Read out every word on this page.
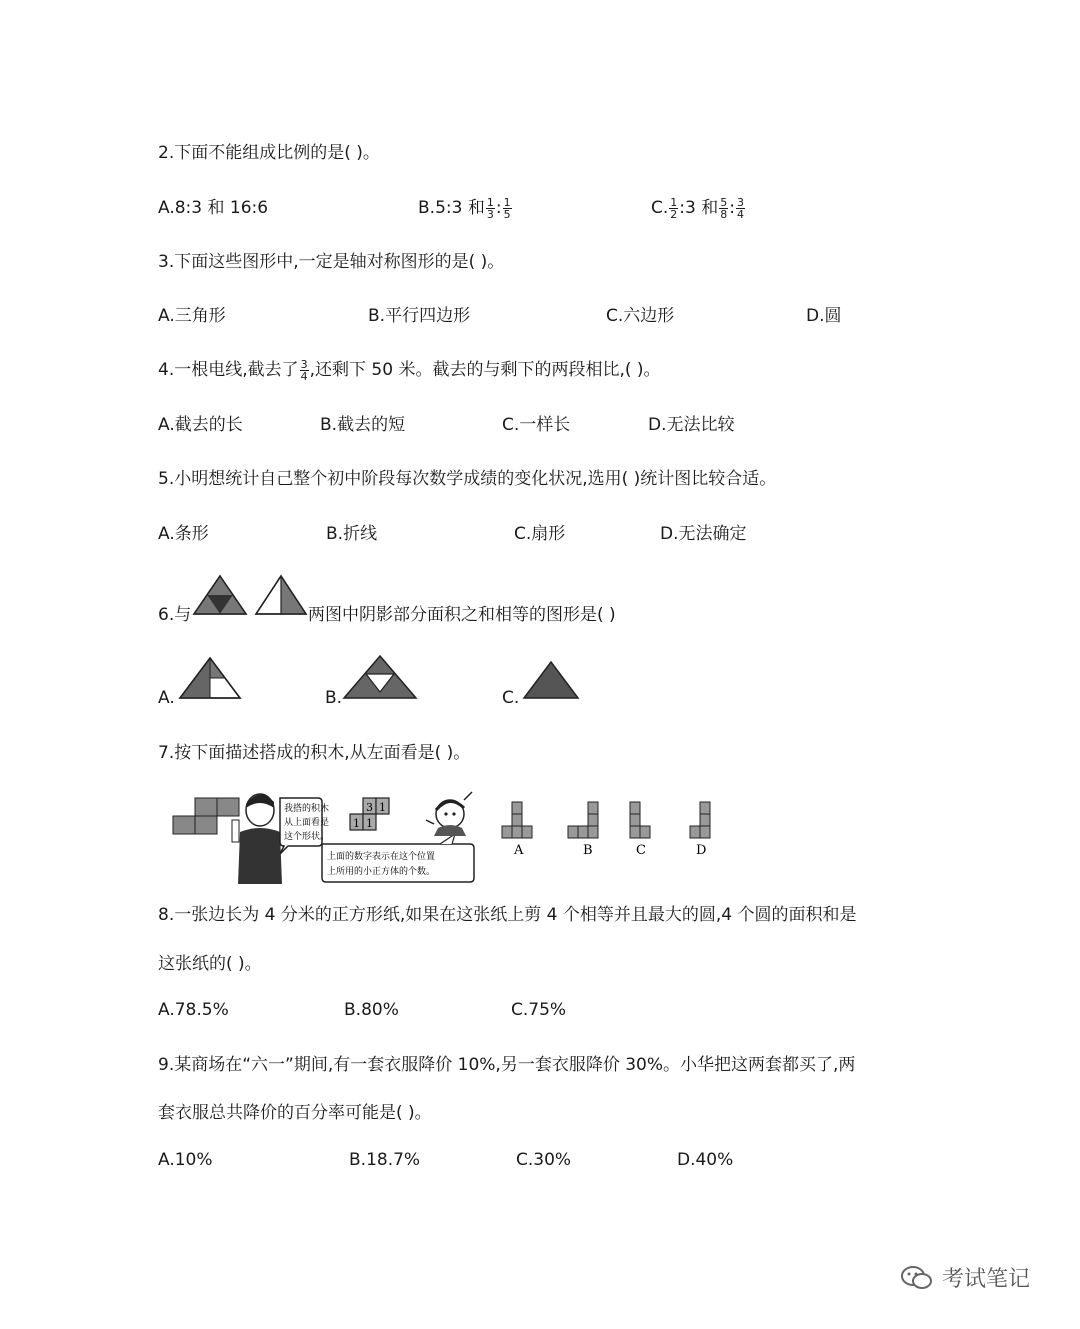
2.下面不能组成比例的是( )。
A.8:3 和 16:6	B.5:3 和 $\frac{1}{3}$ : $\frac{1}{5}$	C. $\frac{1}{2}$ :3 和 $\frac{5}{8}$ : $\frac{3}{4}$
3.下面这些图形中,一定是轴对称图形的是( )。
A.三角形	B.平行四边形	C.六边形	D.圆
4.一根电线,截去了 $\frac{3}{4}$ ,还剩下 50 米。截去的与剩下的两段相比,( )。
A.截去的长	B.截去的短	C.一样长	D.无法比较
5.小明想统计自己整个初中阶段每次数学成绩的变化状况,选用( )统计图比较合适。
A.条形	B.折线	C.扇形	D.无法确定
6.与	两图中阴影部分面积之和相等的图形是( )
A.	B.	C.
7.按下面描述搭成的积木,从左面看是( )。
我搭的积木
从上面看是
这个形状。
3 1
1 1
上面的数字表示在这个位置
上所用的小正方体的个数。
A	B	C	D
8.一张边长为 4 分米的正方形纸,如果在这张纸上剪 4 个相等并且最大的圆,4 个圆的面积和是
这张纸的( )。
A.78.5%	B.80%	C.75%
9.某商场在“六一”期间,有一套衣服降价 10%,另一套衣服降价 30%。小华把这两套都买了,两
套衣服总共降价的百分率可能是( )。
A.10%	B.18.7%	C.30%	D.40%
考试笔记
